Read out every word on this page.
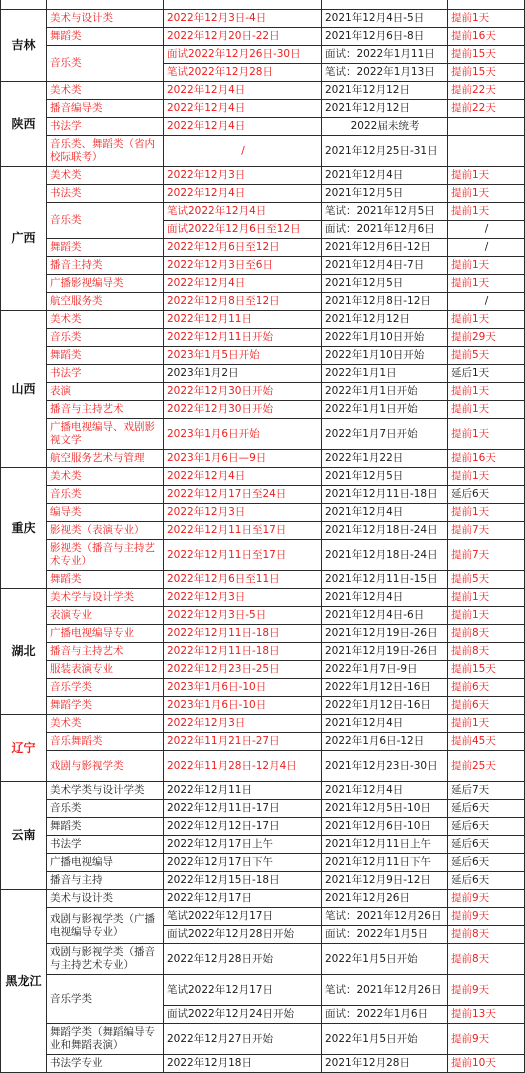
吉林	美术与设计类	2022年12月3日-4日	2021年12月4日-5日	提前1天
	舞蹈类	2022年12月20日-22日	2021年12月6日-8日	提前16天
	音乐类	面试2022年12月26日-30日	面试：2022年1月11日	提前15天
		笔试2022年12月28日	笔试：2022年1月13日	提前15天
陕西	美术类	2022年12月4日	2021年12月12日	提前22天
	播音编导类	2022年12月4日	2021年12月12日	提前22天
	书法学	2022年12月4日	2022届未统考	
	音乐类、舞蹈类（省内校际联考）	/	2021年12月25日-31日	
广西	美术类	2022年12月3日	2021年12月4日	提前1天
	书法类	2022年12月4日	2021年12月5日	提前1天
	音乐类	笔试2022年12月4日	笔试：2021年12月5日	提前1天
		面试2022年12月6日至12日	面试：2021年12月6日	/
	舞蹈类	2022年12月6日至12日	2021年12月6日-12日	/
	播音主持类	2022年12月3日至6日	2021年12月4日-7日	提前1天
	广播影视编导类	2022年12月4日	2021年12月5日	提前1天
	航空服务类	2022年12月8日至12日	2021年12月8日-12日	/
山西	美术类	2022年12月11日	2021年12月12日	提前1天
	音乐类	2022年12月11日开始	2022年1月10日开始	提前29天
	舞蹈类	2023年1月5日开始	2022年1月10日开始	提前5天
	书法学	2023年1月2日	2022年1月1日	延后1天
	表演	2022年12月30日开始	2022年1月1日开始	提前1天
	播音与主持艺术	2022年12月30日开始	2022年1月1日开始	提前1天
	广播电视编导、戏剧影视文学	2023年1月6日开始	2022年1月7日开始	提前1天
	航空服务艺术与管理	2023年1月6日—9日	2022年1月22日	提前16天
重庆	美术类	2022年12月4日	2021年12月5日	提前1天
	音乐类	2022年12月17日至24日	2021年12月11日-18日	延后6天
	编导类	2022年12月3日	2021年12月4日	提前1天
	影视类（表演专业）	2022年12月11日至17日	2021年12月18日-24日	提前7天
	影视类（播音与主持艺术专业）	2022年12月11日至17日	2021年12月18日-24日	提前7天
	舞蹈类	2022年12月6日至11日	2021年12月11日-15日	提前5天
湖北	美术学与设计学类	2022年12月3日	2021年12月4日	提前1天
	表演专业	2022年12月3日-5日	2021年12月4日-6日	提前1天
	广播电视编导专业	2022年12月11日-18日	2021年12月19日-26日	提前8天
	播音与主持艺术	2022年12月11日-18日	2021年12月19日-26日	提前8天
	服装表演专业	2022年12月23日-25日	2022年1月7日-9日	提前15天
	音乐学类	2023年1月6日-10日	2022年1月12日-16日	提前6天
	舞蹈学类	2023年1月6日-10日	2022年1月12日-16日	提前6天
辽宁	美术类	2022年12月3日	2021年12月4日	提前1天
	音乐舞蹈类	2022年11月21日-27日	2022年1月6日-12日	提前45天
	戏剧与影视学类	2022年11月28日-12月4日	2021年12月23日-30日	提前25天
云南	美术学类与设计学类	2022年12月11日	2021年12月4日	延后7天
	音乐类	2022年12月11日-17日	2021年12月5日-10日	延后6天
	舞蹈类	2022年12月12日-17日	2021年12月6日-10日	延后6天
	书法学	2022年12月17日上午	2021年12月11日上午	延后6天
	广播电视编导	2022年12月17日下午	2021年12月11日下午	延后6天
	播音与主持	2022年12月15日-18日	2021年12月9日-12日	延后6天
黑龙江	美术与设计类	2022年12月17日	2021年12月26日	提前9天
	戏剧与影视学类（广播电视编导专业）	笔试2022年12月17日	笔试：2021年12月26日	提前9天
		面试2022年12月28日开始	面试：2022年1月5日	提前8天
	戏剧与影视学类（播音与主持艺术专业）	2022年12月28日开始	2022年1月5日开始	提前8天
	音乐学类	笔试2022年12月17日	笔试：2021年12月26日	提前9天
		面试2022年12月24日开始	面试：2022年1月6日	提前13天
	舞蹈学类（舞蹈编导专业和舞蹈表演）	2022年12月27日开始	2022年1月5日开始	提前9天
	书法学专业	2022年12月18日	2021年12月28日	提前10天
